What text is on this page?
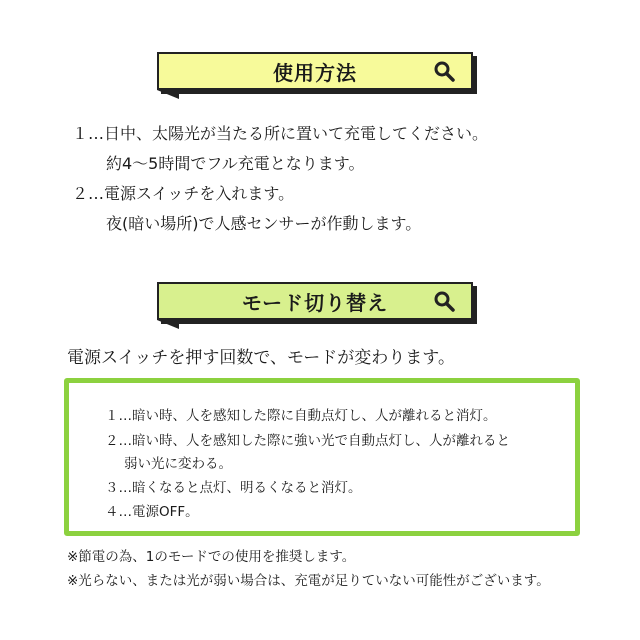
使用方法
１…日中、太陽光が当たる所に置いて充電してください。
約4〜5時間でフル充電となります。
２…電源スイッチを入れます。
夜(暗い場所)で人感センサーが作動します。
モード切り替え
電源スイッチを押す回数で、モードが変わります。
１…暗い時、人を感知した際に自動点灯し、人が離れると消灯。
２…暗い時、人を感知した際に強い光で自動点灯し、人が離れると
弱い光に変わる。
３…暗くなると点灯、明るくなると消灯。
４…電源OFF。
※節電の為、1のモードでの使用を推奨します。
※光らない、または光が弱い場合は、充電が足りていない可能性がございます。
